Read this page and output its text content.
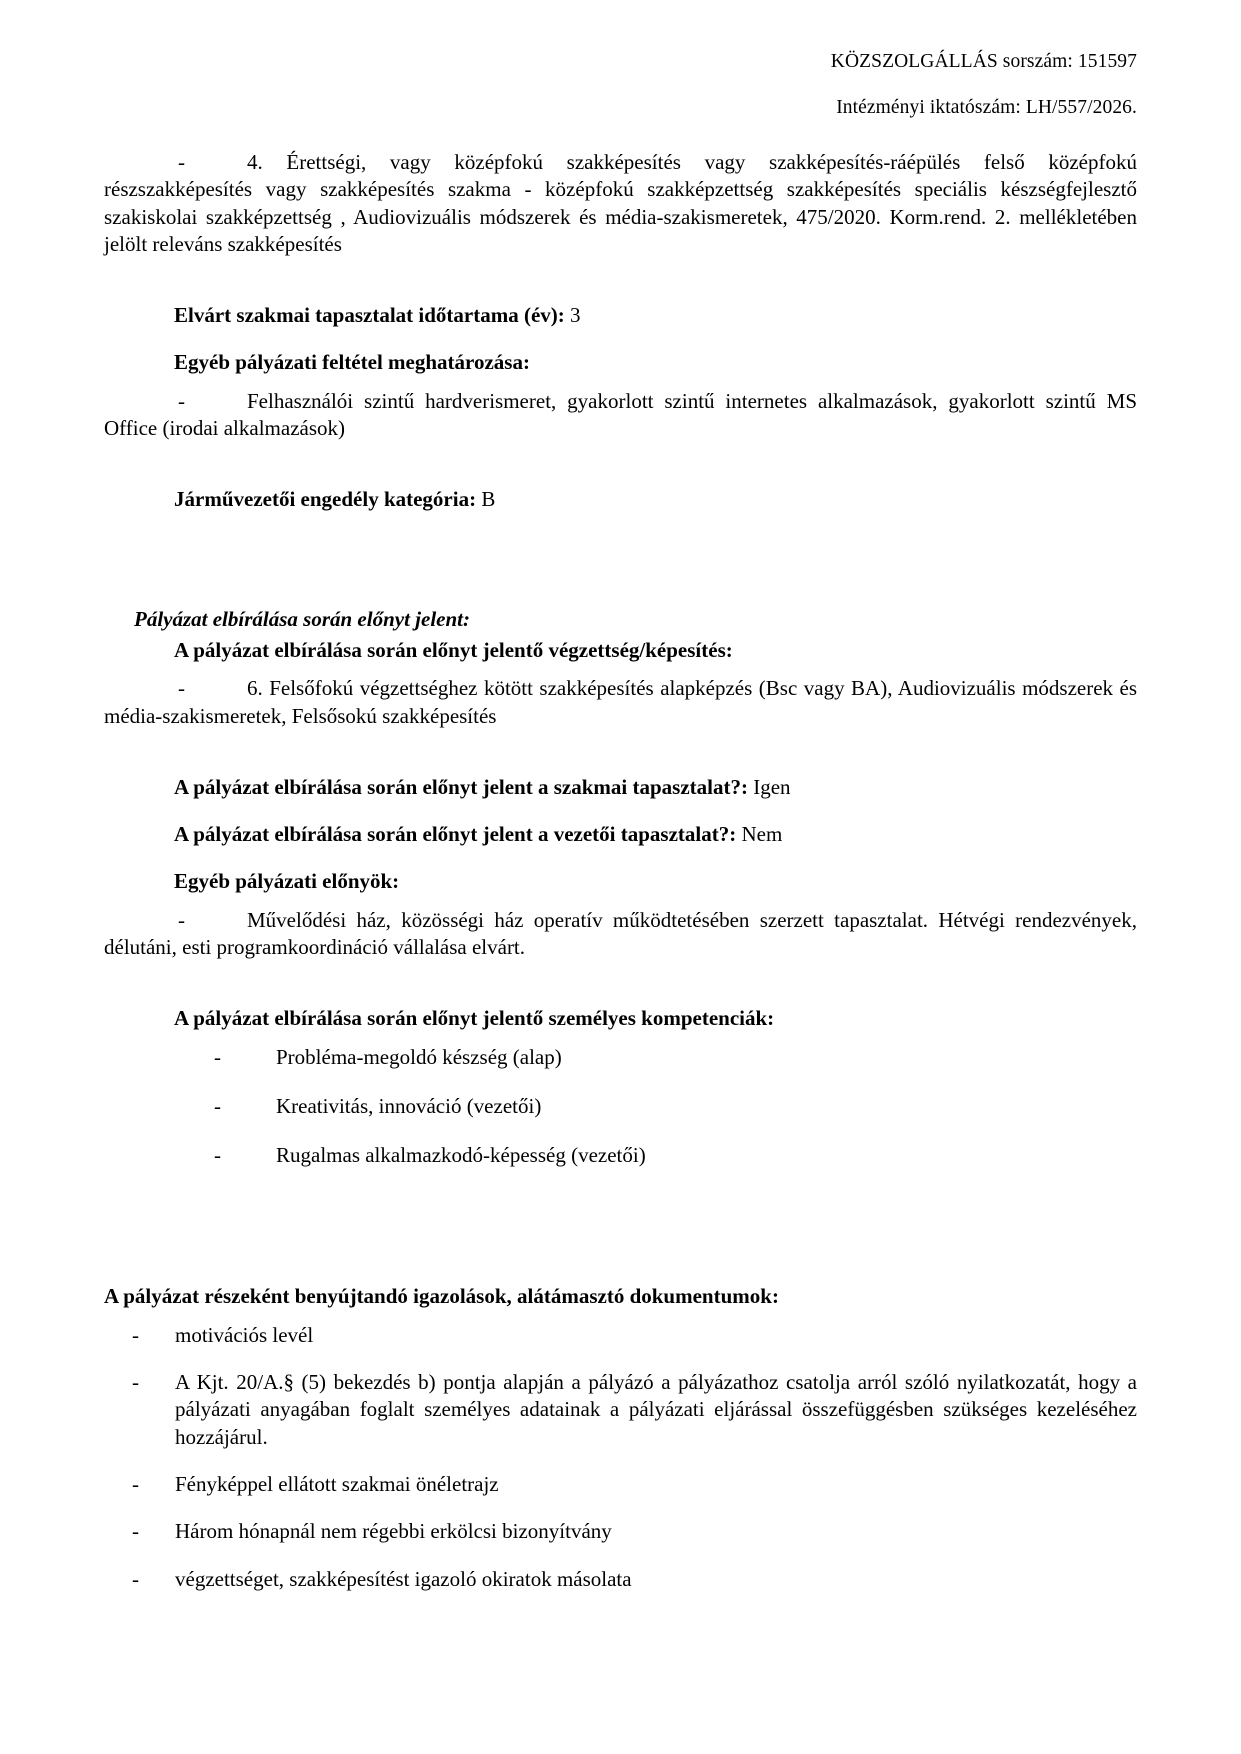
KÖZSZOLGÁLLÁS sorszám: 151597

Intézményi iktatószám: LH/557/2026.

-	4. Érettségi, vagy középfokú szakképesítés vagy szakképesítés-ráépülés felső középfokú részszakképesítés vagy szakképesítés szakma - középfokú szakképzettség szakképesítés speciális készségfejlesztő szakiskolai szakképzettség , Audiovizuális módszerek és média-szakismeretek, 475/2020. Korm.rend. 2. mellékletében jelölt releváns szakképesítés

Elvárt szakmai tapasztalat időtartama (év): 3

Egyéb pályázati feltétel meghatározása:

-	Felhasználói szintű hardverismeret, gyakorlott szintű internetes alkalmazások, gyakorlott szintű MS Office (irodai alkalmazások)

Járművezetői engedély kategória: B

Pályázat elbírálása során előnyt jelent:

A pályázat elbírálása során előnyt jelentő végzettség/képesítés:

-	6. Felsőfokú végzettséghez kötött szakképesítés alapképzés (Bsc vagy BA), Audiovizuális módszerek és média-szakismeretek, Felsősokú szakképesítés

A pályázat elbírálása során előnyt jelent a szakmai tapasztalat?: Igen

A pályázat elbírálása során előnyt jelent a vezetői tapasztalat?: Nem

Egyéb pályázati előnyök:

-	Művelődési ház, közösségi ház operatív működtetésében szerzett tapasztalat. Hétvégi rendezvények, délutáni, esti programkoordináció vállalása elvárt.

A pályázat elbírálása során előnyt jelentő személyes kompetenciák:

-	Probléma-megoldó készség (alap)
-	Kreativitás, innováció (vezetői)
-	Rugalmas alkalmazkodó-képesség (vezetői)

A pályázat részeként benyújtandó igazolások, alátámasztó dokumentumok:

-	motivációs levél
-	A Kjt. 20/A.§ (5) bekezdés b) pontja alapján a pályázó a pályázathoz csatolja arról szóló nyilatkozatát, hogy a pályázati anyagában foglalt személyes adatainak a pályázati eljárással összefüggésben szükséges kezeléséhez hozzájárul.
-	Fényképpel ellátott szakmai önéletrajz
-	Három hónapnál nem régebbi erkölcsi bizonyítvány
-	végzettséget, szakképesítést igazoló okiratok másolata
